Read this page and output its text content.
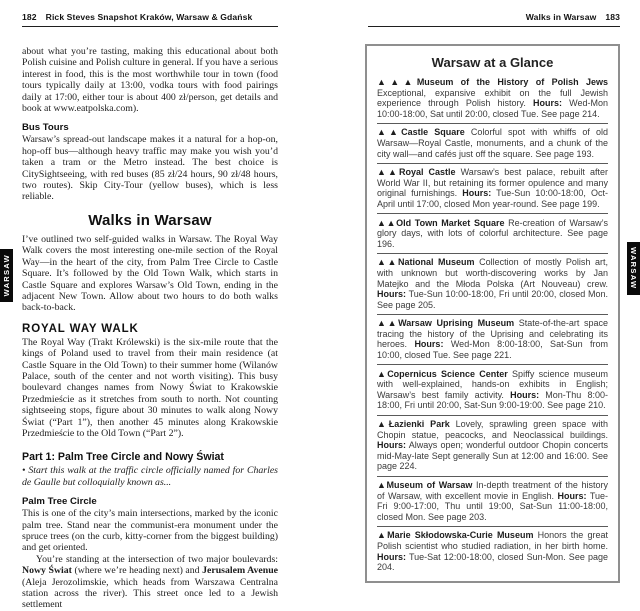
182 Rick Steves Snapshot Kraków, Warsaw & Gdańsk

about what you’re tasting, making this educational about both Polish cuisine and Polish culture in general. If you have a serious interest in food, this is the most worthwhile tour in town (food tours typically daily at 13:00, vodka tours with food pairings daily at 17:00, either tour is about 400 zł/person, get details and book at www.eatpolska.com).

Bus Tours

Warsaw’s spread-out landscape makes it a natural for a hop-on, hop-off bus—although heavy traffic may make you wish you’d taken a tram or the Metro instead. The best choice is CitySightseeing, with red buses (85 zł/24 hours, 90 zł/48 hours, two routes). Skip City-Tour (yellow buses), which is less reliable.

Walks in Warsaw

I’ve outlined two self-guided walks in Warsaw. The Royal Way Walk covers the most interesting one-mile section of the Royal Way—in the heart of the city, from Palm Tree Circle to Castle Square. It’s followed by the Old Town Walk, which starts in Castle Square and explores Warsaw’s Old Town, ending in the adjacent New Town. Allow about two hours to do both walks back-to-back.

ROYAL WAY WALK

The Royal Way (Trakt Królewski) is the six-mile route that the kings of Poland used to travel from their main residence (at Castle Square in the Old Town) to their summer home (Wilanów Palace, south of the center and not worth visiting). This busy boulevard changes names from Nowy Świat to Krakowskie Przedmieście as it stretches from south to north. Not counting sightseeing stops, figure about 30 minutes to walk along Nowy Świat (“Part 1”), then another 45 minutes along Krakowskie Przedmieście to the Old Town (“Part 2”).

Part 1: Palm Tree Circle and Nowy Świat

• Start this walk at the traffic circle officially named for Charles de Gaulle but colloquially known as...

Palm Tree Circle

This is one of the city’s main intersections, marked by the iconic palm tree. Stand near the communist-era monument under the spruce trees (on the curb, kitty-corner from the biggest building) and get oriented.

You’re standing at the intersection of two major boulevards: Nowy Świat (where we’re heading next) and Jerusalem Avenue (Aleja Jerozolimskie, which heads from Warszawa Centralna station across the river). This street once led to a Jewish settlement

Walks in Warsaw 183
Warsaw at a Glance
▲▲▲Museum of the History of Polish Jews Exceptional, expansive exhibit on the full Jewish experience through Polish history. Hours: Wed-Mon 10:00-18:00, Sat until 20:00, closed Tue. See page 214.
▲▲Castle Square Colorful spot with whiffs of old Warsaw—Royal Castle, monuments, and a chunk of the city wall—and cafés just off the square. See page 193.
▲▲Royal Castle Warsaw’s best palace, rebuilt after World War II, but retaining its former opulence and many original furnishings. Hours: Tue-Sun 10:00-18:00, Oct-April until 17:00, closed Mon year-round. See page 199.
▲▲Old Town Market Square Re-creation of Warsaw’s glory days, with lots of colorful architecture. See page 196.
▲▲National Museum Collection of mostly Polish art, with unknown but worth-discovering works by Jan Matejko and the Młoda Polska (Art Nouveau) crew. Hours: Tue-Sun 10:00-18:00, Fri until 20:00, closed Mon. See page 205.
▲▲Warsaw Uprising Museum State-of-the-art space tracing the history of the Uprising and celebrating its heroes. Hours: Wed-Mon 8:00-18:00, Sat-Sun from 10:00, closed Tue. See page 221.
▲Copernicus Science Center Spiffy science museum with well-explained, hands-on exhibits in English; Warsaw’s best family activity. Hours: Mon-Thu 8:00-18:00, Fri until 20:00, Sat-Sun 9:00-19:00. See page 210.
▲Łazienki Park Lovely, sprawling green space with Chopin statue, peacocks, and Neoclassical buildings. Hours: Always open; wonderful outdoor Chopin concerts mid-May-late Sept generally Sun at 12:00 and 16:00. See page 224.
▲Museum of Warsaw In-depth treatment of the history of Warsaw, with excellent movie in English. Hours: Tue-Fri 9:00-17:00, Thu until 19:00, Sat-Sun 11:00-18:00, closed Mon. See page 203.
▲Marie Skłodowska-Curie Museum Honors the great Polish scientist who studied radiation, in her birth home. Hours: Tue-Sat 12:00-18:00, closed Sun-Mon. See page 204.
WARSAW	WARSAW
